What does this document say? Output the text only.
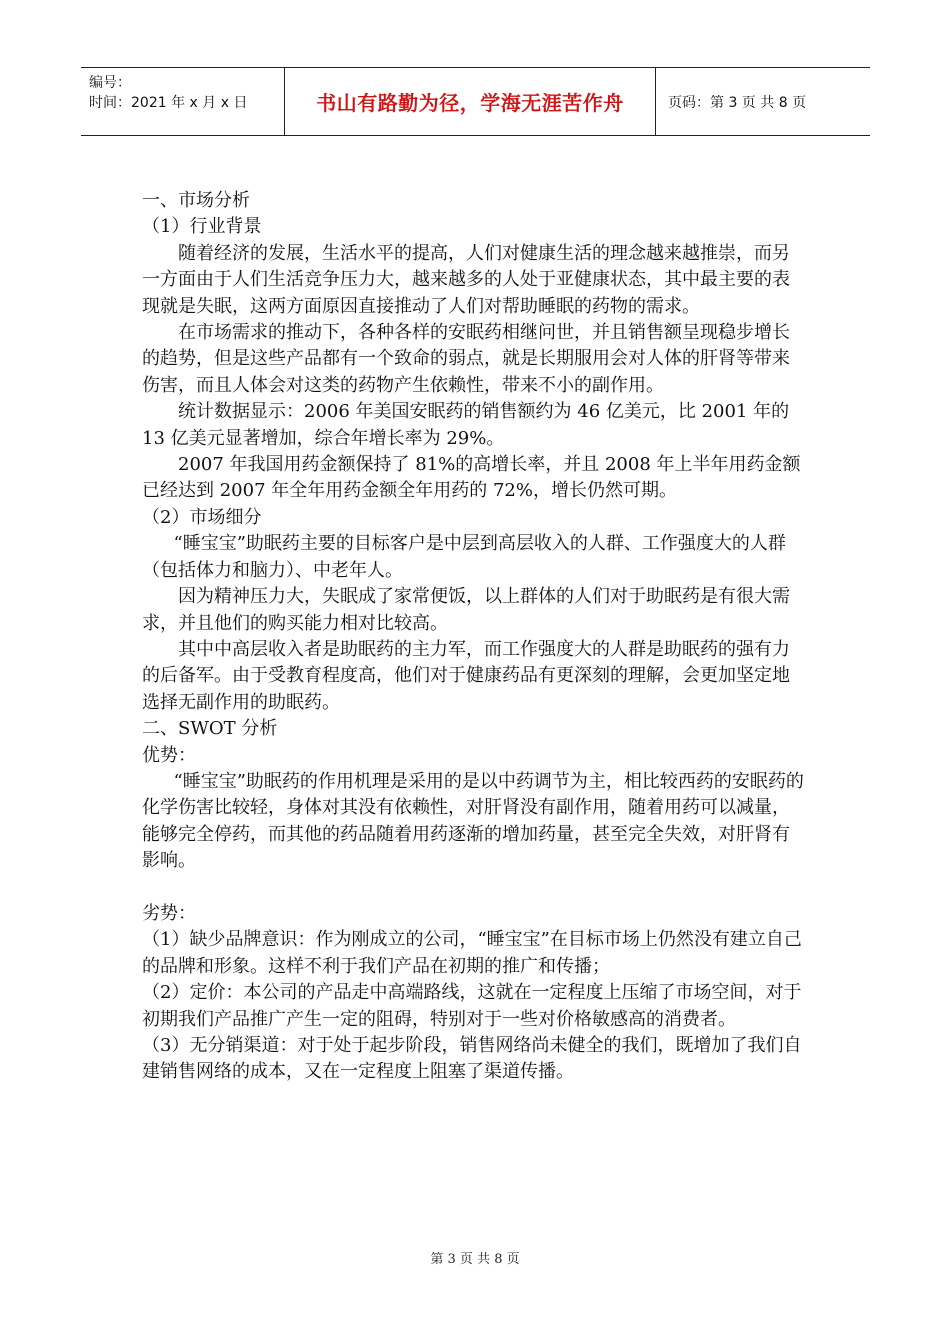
编号：
时间：2021 年 x 月 x 日	书山有路勤为径，学海无涯苦作舟	页码：第 3 页 共 8 页

一、市场分析

（1）行业背景

随着经济的发展，生活水平的提高，人们对健康生活的理念越来越推崇，而另一方面由于人们生活竞争压力大，越来越多的人处于亚健康状态，其中最主要的表现就是失眠，这两方面原因直接推动了人们对帮助睡眠的药物的需求。

在市场需求的推动下，各种各样的安眠药相继问世，并且销售额呈现稳步增长的趋势，但是这些产品都有一个致命的弱点，就是长期服用会对人体的肝肾等带来伤害，而且人体会对这类的药物产生依赖性，带来不小的副作用。

统计数据显示：2006 年美国安眠药的销售额约为 46 亿美元，比 2001 年的 13 亿美元显著增加，综合年增长率为 29%。

2007 年我国用药金额保持了 81%的高增长率，并且 2008 年上半年用药金额已经达到 2007 年全年用药金额全年用药的 72%，增长仍然可期。

（2）市场细分

“睡宝宝”助眠药主要的目标客户是中层到高层收入的人群、工作强度大的人群（包括体力和脑力）、中老年人。

因为精神压力大，失眠成了家常便饭，以上群体的人们对于助眠药是有很大需求，并且他们的购买能力相对比较高。

其中中高层收入者是助眠药的主力军，而工作强度大的人群是助眠药的强有力的后备军。由于受教育程度高，他们对于健康药品有更深刻的理解，会更加坚定地选择无副作用的助眠药。

二、SWOT 分析

优势：

“睡宝宝”助眠药的作用机理是采用的是以中药调节为主，相比较西药的安眠药的化学伤害比较轻，身体对其没有依赖性，对肝肾没有副作用，随着用药可以减量，能够完全停药，而其他的药品随着用药逐渐的增加药量，甚至完全失效，对肝肾有影响。

劣势：

（1）缺少品牌意识：作为刚成立的公司，“睡宝宝”在目标市场上仍然没有建立自己的品牌和形象。这样不利于我们产品在初期的推广和传播；

（2）定价：本公司的产品走中高端路线，这就在一定程度上压缩了市场空间，对于初期我们产品推广产生一定的阻碍，特别对于一些对价格敏感高的消费者。

（3）无分销渠道：对于处于起步阶段，销售网络尚未健全的我们，既增加了我们自建销售网络的成本，又在一定程度上阻塞了渠道传播。

第 3 页 共 8 页
